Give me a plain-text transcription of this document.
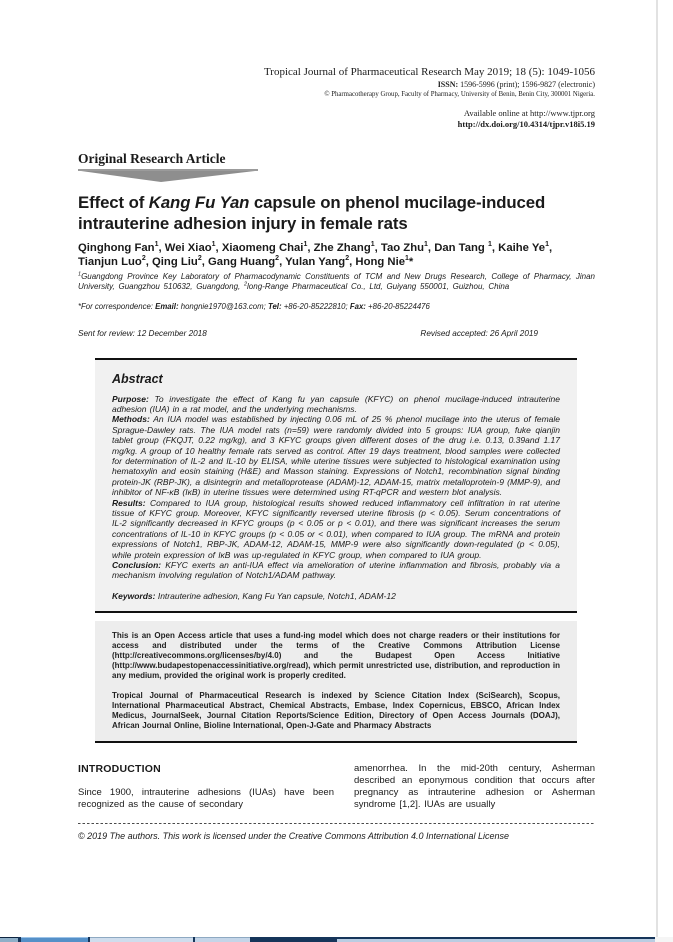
Tropical Journal of Pharmaceutical Research May 2019; 18 (5): 1049-1056
ISSN: 1596-5996 (print); 1596-9827 (electronic)
© Pharmacotherapy Group, Faculty of Pharmacy, University of Benin, Benin City, 300001 Nigeria.
Available online at http://www.tjpr.org
http://dx.doi.org/10.4314/tjpr.v18i5.19
Original Research Article
Effect of Kang Fu Yan capsule on phenol mucilage-induced intrauterine adhesion injury in female rats
Qinghong Fan$^1$, Wei Xiao$^1$, Xiaomeng Chai$^1$, Zhe Zhang$^1$, Tao Zhu$^1$, Dan Tang $^1$, Kaihe Ye$^1$, Tianjun Luo$^2$, Qing Liu$^2$, Gang Huang$^2$, Yulan Yang$^2$, Hong Nie$^1$*
$^1$Guangdong Province Key Laboratory of Pharmacodynamic Constituents of TCM and New Drugs Research, College of Pharmacy, Jinan University, Guangzhou 510632, Guangdong, $^2$long-Range Pharmaceutical Co., Ltd, Guiyang 550001, Guizhou, China
*For correspondence: Email: hongnie1970@163.com; Tel: +86-20-85222810; Fax: +86-20-85224476
Sent for review: 12 December 2018	Revised accepted: 26 April 2019
Abstract

Purpose: To investigate the effect of Kang fu yan capsule (KFYC) on phenol mucilage-induced intrauterine adhesion (IUA) in a rat model, and the underlying mechanisms.

Methods: An IUA model was established by injecting 0.06 mL of 25 % phenol mucilage into the uterus of female Sprague-Dawley rats. The IUA model rats (n=59) were randomly divided into 5 groups: IUA group, fuke qianjin tablet group (FKQJT, 0.22 mg/kg), and 3 KFYC groups given different doses of the drug i.e. 0.13, 0.39and 1.17 mg/kg. A group of 10 healthy female rats served as control. After 19 days treatment, blood samples were collected for determination of IL-2 and IL-10 by ELISA, while uterine tissues were subjected to histological examination using hematoxylin and eosin staining (H&E) and Masson staining. Expressions of Notch1, recombination signal binding protein-JK (RBP-JK), a disintegrin and metalloprotease (ADAM)-12, ADAM-15, matrix metalloprotein-9 (MMP-9), and inhibitor of NF-κB (IκB) in uterine tissues were determined using RT-qPCR and western blot analysis.

Results: Compared to IUA group, histological results showed reduced inflammatory cell infiltration in rat uterine tissue of KFYC group. Moreover, KFYC significantly reversed uterine fibrosis (p < 0.05). Serum concentrations of IL-2 significantly decreased in KFYC groups (p < 0.05 or p < 0.01), and there was significant increases the serum concentrations of IL-10 in KFYC groups (p < 0.05 or < 0.01), when compared to IUA group. The mRNA and protein expressions of Notch1, RBP-JK, ADAM-12, ADAM-15, MMP-9 were also significantly down-regulated (p < 0.05), while protein expression of IκB was up-regulated in KFYC group, when compared to IUA group.

Conclusion: KFYC exerts an anti-IUA effect via amelioration of uterine inflammation and fibrosis, probably via a mechanism involving regulation of Notch1/ADAM pathway.

Keywords: Intrauterine adhesion, Kang Fu Yan capsule, Notch1, ADAM-12

This is an Open Access article that uses a fund-ing model which does not charge readers or their institutions for access and distributed under the terms of the Creative Commons Attribution License (http://creativecommons.org/licenses/by/4.0) and the Budapest Open Access Initiative (http://www.budapestopenaccessinitiative.org/read), which permit unrestricted use, distribution, and reproduction in any medium, provided the original work is properly credited.

Tropical Journal of Pharmaceutical Research is indexed by Science Citation Index (SciSearch), Scopus, International Pharmaceutical Abstract, Chemical Abstracts, Embase, Index Copernicus, EBSCO, African Index Medicus, JournalSeek, Journal Citation Reports/Science Edition, Directory of Open Access Journals (DOAJ), African Journal Online, Bioline International, Open-J-Gate and Pharmacy Abstracts

INTRODUCTION

Since 1900, intrauterine adhesions (IUAs) have been recognized as the cause of secondary

amenorrhea. In the mid-20th century, Asherman described an eponymous condition that occurs after pregnancy as intrauterine adhesion or Asherman syndrome [1,2]. IUAs are usually

© 2019 The authors. This work is licensed under the Creative Commons Attribution 4.0 International License
